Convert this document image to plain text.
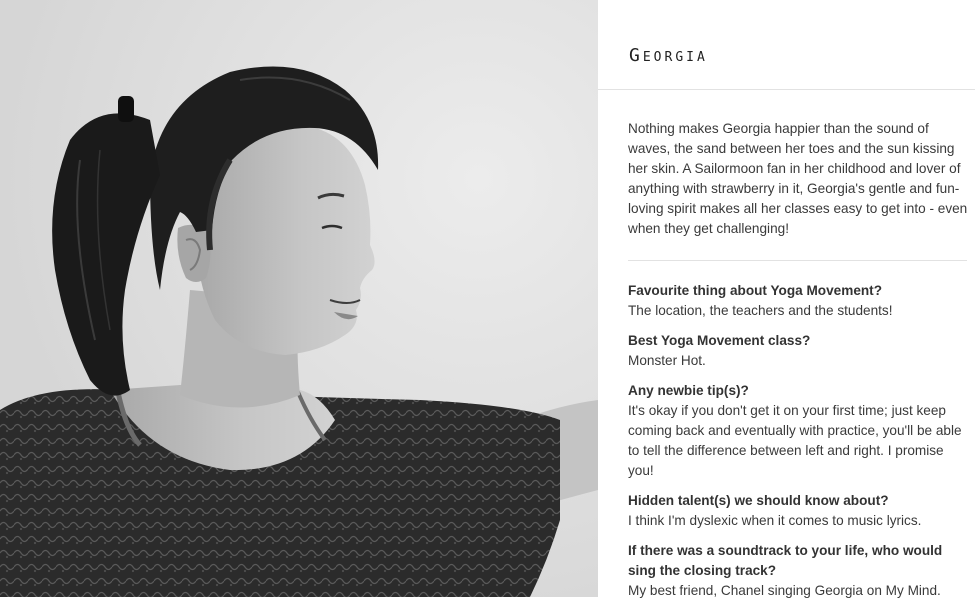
Georgia

Nothing makes Georgia happier than the sound of waves, the sand between her toes and the sun kissing her skin. A Sailormoon fan in her childhood and lover of anything with strawberry in it, Georgia's gentle and fun-loving spirit makes all her classes easy to get into - even when they get challenging!

Favourite thing about Yoga Movement?
The location, the teachers and the students!
Best Yoga Movement class?
Monster Hot.
Any newbie tip(s)?
It's okay if you don't get it on your first time; just keep coming back and eventually with practice, you'll be able to tell the difference between left and right. I promise you!
Hidden talent(s) we should know about?
I think I'm dyslexic when it comes to music lyrics.
If there was a soundtrack to your life, who would sing the closing track?
My best friend, Chanel singing Georgia on My Mind.
